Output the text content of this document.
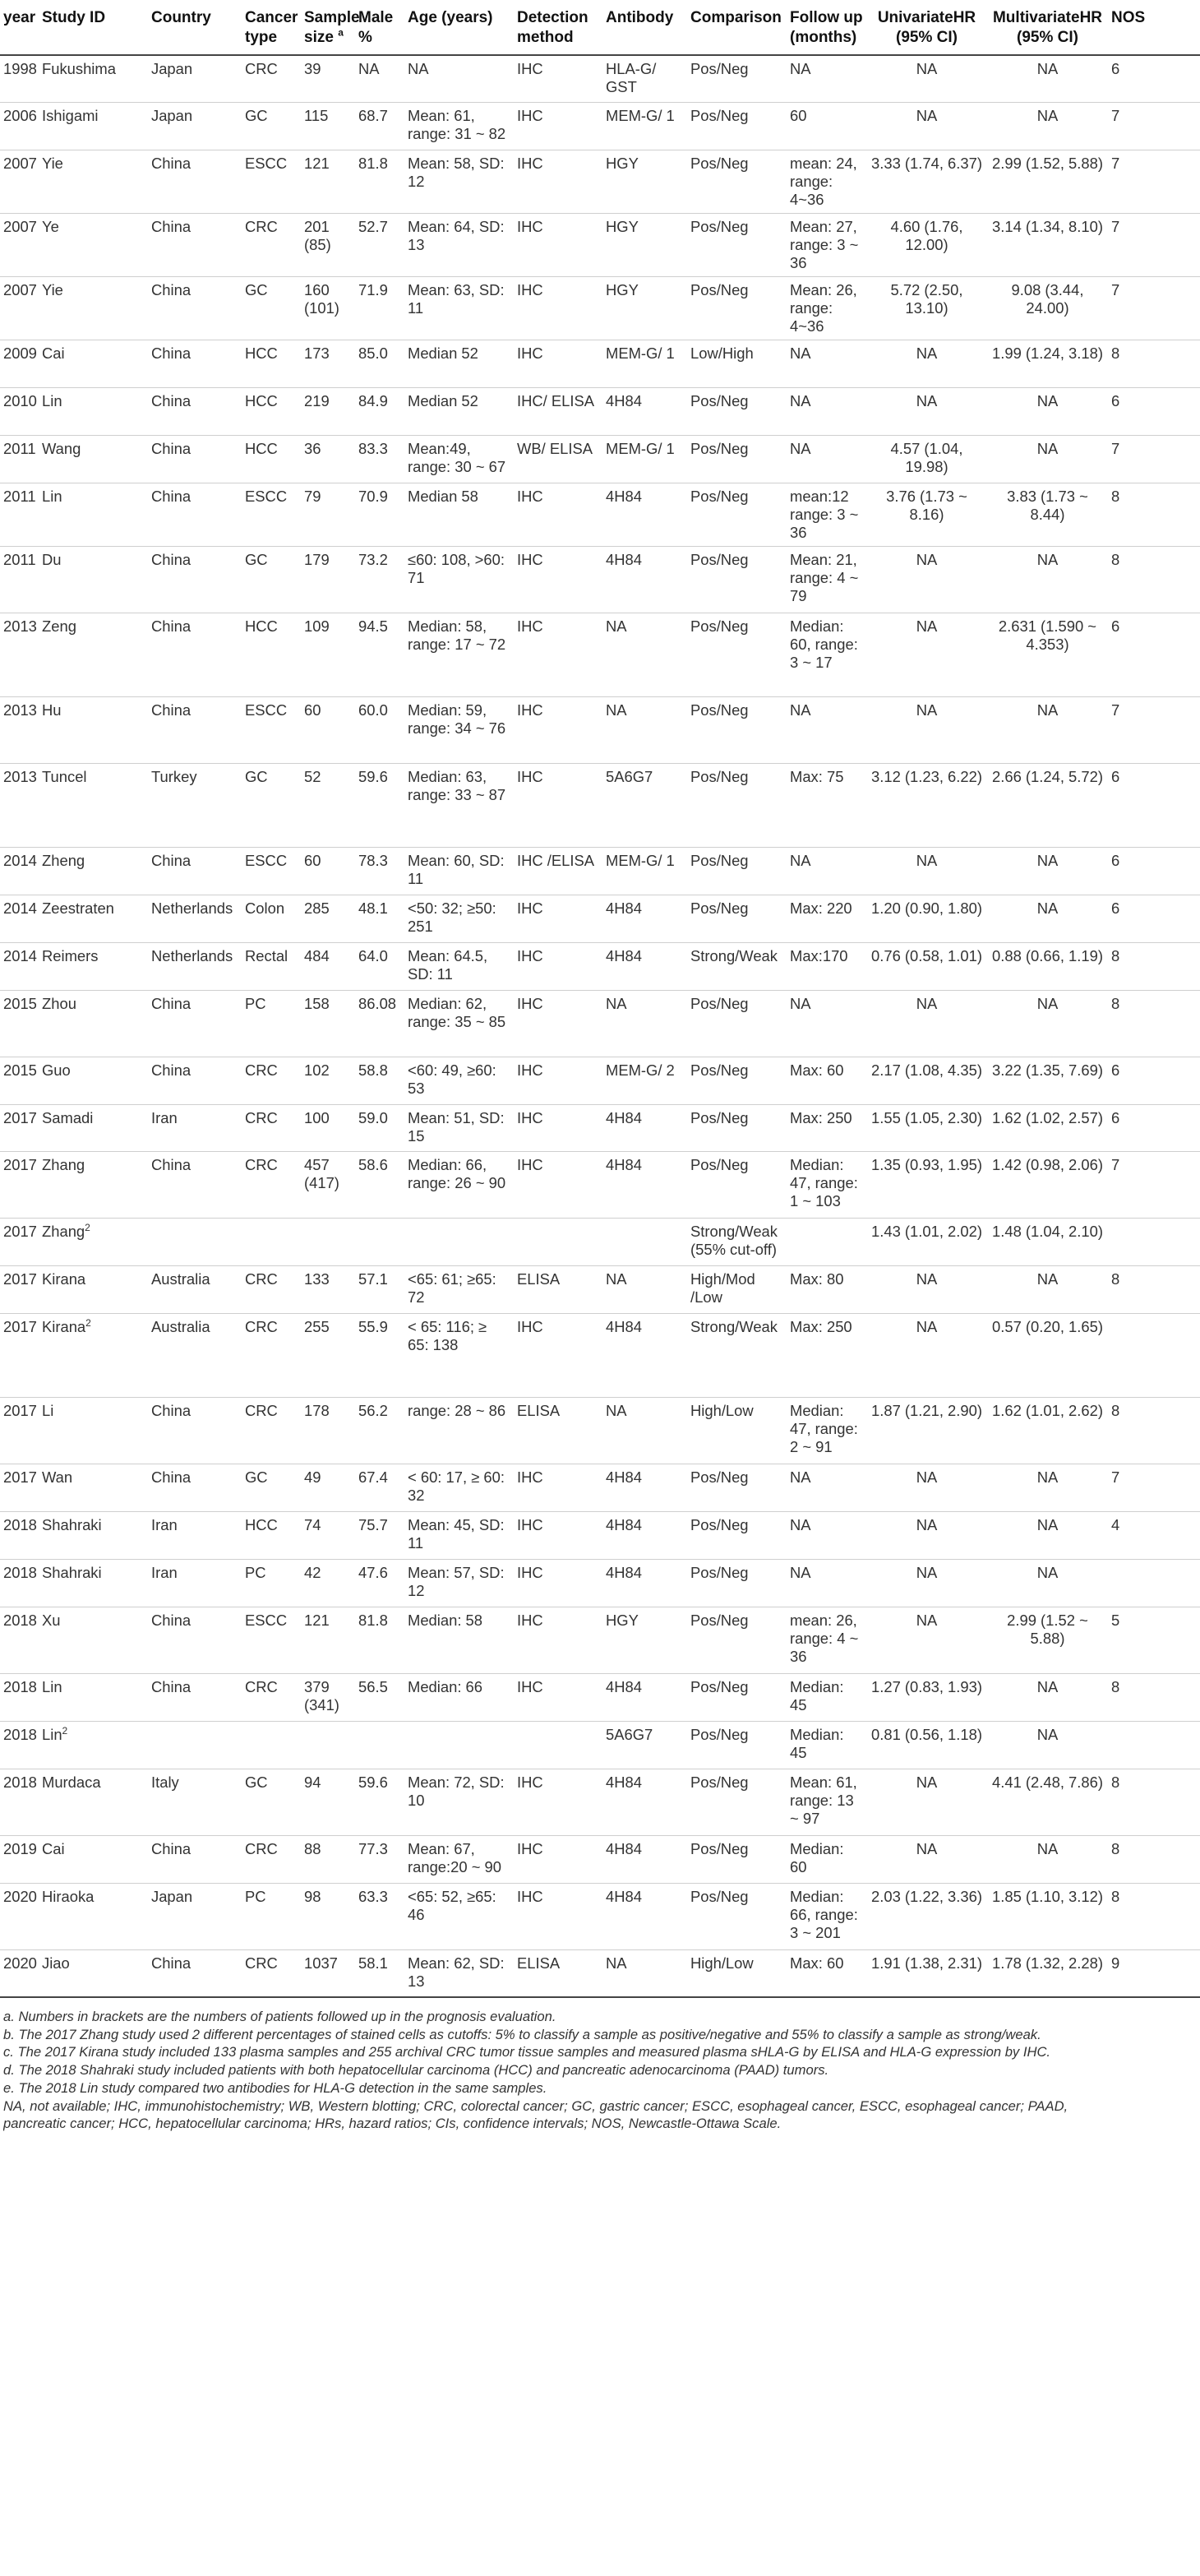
year	Study ID	Country	Cancer type	Sample size $^a$	Male %	Age (years)	Detection method	Antibody	Comparison	Follow up (months)	UnivariateHR (95% CI)	MultivariateHR (95% CI)	NOS
1998	Fukushima	Japan	CRC	39	NA	NA	IHC	HLA-G/ GST	Pos/Neg	NA	NA	NA	6
2006	Ishigami	Japan	GC	115	68.7	Mean: 61, range: 31 ~ 82	IHC	MEM-G/ 1	Pos/Neg	60	NA	NA	7
2007	Yie	China	ESCC	121	81.8	Mean: 58, SD: 12	IHC	HGY	Pos/Neg	mean: 24, range: 4~36	3.33 (1.74, 6.37)	2.99 (1.52, 5.88)	7
2007	Ye	China	CRC	201 (85)	52.7	Mean: 64, SD: 13	IHC	HGY	Pos/Neg	Mean: 27, range: 3 ~ 36	4.60 (1.76, 12.00)	3.14 (1.34, 8.10)	7
2007	Yie	China	GC	160 (101)	71.9	Mean: 63, SD: 11	IHC	HGY	Pos/Neg	Mean: 26, range: 4~36	5.72 (2.50, 13.10)	9.08 (3.44, 24.00)	7
2009	Cai	China	HCC	173	85.0	Median 52	IHC	MEM-G/ 1	Low/High	NA	NA	1.99 (1.24, 3.18)	8
2010	Lin	China	HCC	219	84.9	Median 52	IHC/ ELISA	4H84	Pos/Neg	NA	NA	NA	6
2011	Wang	China	HCC	36	83.3	Mean:49, range: 30 ~ 67	WB/ ELISA	MEM-G/ 1	Pos/Neg	NA	4.57 (1.04, 19.98)	NA	7
2011	Lin	China	ESCC	79	70.9	Median 58	IHC	4H84	Pos/Neg	mean:12 range: 3 ~ 36	3.76 (1.73 ~ 8.16)	3.83 (1.73 ~ 8.44)	8
2011	Du	China	GC	179	73.2	≤60: 108, >60: 71	IHC	4H84	Pos/Neg	Mean: 21, range: 4 ~ 79	NA	NA	8
2013	Zeng	China	HCC	109	94.5	Median: 58, range: 17 ~ 72	IHC	NA	Pos/Neg	Median: 60, range: 3 ~ 17	NA	2.631 (1.590 ~ 4.353)	6
2013	Hu	China	ESCC	60	60.0	Median: 59, range: 34 ~ 76	IHC	NA	Pos/Neg	NA	NA	NA	7
2013	Tuncel	Turkey	GC	52	59.6	Median: 63, range: 33 ~ 87	IHC	5A6G7	Pos/Neg	Max: 75	3.12 (1.23, 6.22)	2.66 (1.24, 5.72)	6
2014	Zheng	China	ESCC	60	78.3	Mean: 60, SD: 11	IHC /ELISA	MEM-G/ 1	Pos/Neg	NA	NA	NA	6
2014	Zeestraten	Netherlands	Colon	285	48.1	<50: 32; ≥50: 251	IHC	4H84	Pos/Neg	Max: 220	1.20 (0.90, 1.80)	NA	6
2014	Reimers	Netherlands	Rectal	484	64.0	Mean: 64.5, SD: 11	IHC	4H84	Strong/Weak	Max:170	0.76 (0.58, 1.01)	0.88 (0.66, 1.19)	8
2015	Zhou	China	PC	158	86.08	Median: 62, range: 35 ~ 85	IHC	NA	Pos/Neg	NA	NA	NA	8
2015	Guo	China	CRC	102	58.8	<60: 49, ≥60: 53	IHC	MEM-G/ 2	Pos/Neg	Max: 60	2.17 (1.08, 4.35)	3.22 (1.35, 7.69)	6
2017	Samadi	Iran	CRC	100	59.0	Mean: 51, SD: 15	IHC	4H84	Pos/Neg	Max: 250	1.55 (1.05, 2.30)	1.62 (1.02, 2.57)	6
2017	Zhang	China	CRC	457 (417)	58.6	Median: 66, range: 26 ~ 90	IHC	4H84	Pos/Neg	Median: 47, range: 1 ~ 103	1.35 (0.93, 1.95)	1.42 (0.98, 2.06)	7
2017	Zhang$^2$								Strong/Weak (55% cut-off)		1.43 (1.01, 2.02)	1.48 (1.04, 2.10)	
2017	Kirana	Australia	CRC	133	57.1	<65: 61; ≥65: 72	ELISA	NA	High/Mod /Low	Max: 80	NA	NA	8
2017	Kirana$^2$	Australia	CRC	255	55.9	< 65: 116; ≥ 65: 138	IHC	4H84	Strong/Weak	Max: 250	NA	0.57 (0.20, 1.65)	
2017	Li	China	CRC	178	56.2	range: 28 ~ 86	ELISA	NA	High/Low	Median: 47, range: 2 ~ 91	1.87 (1.21, 2.90)	1.62 (1.01, 2.62)	8
2017	Wan	China	GC	49	67.4	< 60: 17, ≥ 60: 32	IHC	4H84	Pos/Neg	NA	NA	NA	7
2018	Shahraki	Iran	HCC	74	75.7	Mean: 45, SD: 11	IHC	4H84	Pos/Neg	NA	NA	NA	4
2018	Shahraki	Iran	PC	42	47.6	Mean: 57, SD: 12	IHC	4H84	Pos/Neg	NA	NA	NA	
2018	Xu	China	ESCC	121	81.8	Median: 58	IHC	HGY	Pos/Neg	mean: 26, range: 4 ~ 36	NA	2.99 (1.52 ~ 5.88)	5
2018	Lin	China	CRC	379 (341)	56.5	Median: 66	IHC	4H84	Pos/Neg	Median: 45	1.27 (0.83, 1.93)	NA	8
2018	Lin$^2$							5A6G7	Pos/Neg	Median: 45	0.81 (0.56, 1.18)	NA	
2018	Murdaca	Italy	GC	94	59.6	Mean: 72, SD: 10	IHC	4H84	Pos/Neg	Mean: 61, range: 13 ~ 97	NA	4.41 (2.48, 7.86)	8
2019	Cai	China	CRC	88	77.3	Mean: 67, range:20 ~ 90	IHC	4H84	Pos/Neg	Median: 60	NA	NA	8
2020	Hiraoka	Japan	PC	98	63.3	<65: 52, ≥65: 46	IHC	4H84	Pos/Neg	Median: 66, range: 3 ~ 201	2.03 (1.22, 3.36)	1.85 (1.10, 3.12)	8
2020	Jiao	China	CRC	1037	58.1	Mean: 62, SD: 13	ELISA	NA	High/Low	Max: 60	1.91 (1.38, 2.31)	1.78 (1.32, 2.28)	9
a. Numbers in brackets are the numbers of patients followed up in the prognosis evaluation.
b. The 2017 Zhang study used 2 different percentages of stained cells as cutoffs: 5% to classify a sample as positive/negative and 55% to classify a sample as strong/weak.
c. The 2017 Kirana study included 133 plasma samples and 255 archival CRC tumor tissue samples and measured plasma sHLA-G by ELISA and HLA-G expression by IHC.
d. The 2018 Shahraki study included patients with both hepatocellular carcinoma (HCC) and pancreatic adenocarcinoma (PAAD) tumors.
e. The 2018 Lin study compared two antibodies for HLA-G detection in the same samples.
NA, not available; IHC, immunohistochemistry; WB, Western blotting; CRC, colorectal cancer; GC, gastric cancer; ESCC, esophageal cancer, ESCC, esophageal cancer; PAAD,
pancreatic cancer; HCC, hepatocellular carcinoma; HRs, hazard ratios; CIs, confidence intervals; NOS, Newcastle-Ottawa Scale.
